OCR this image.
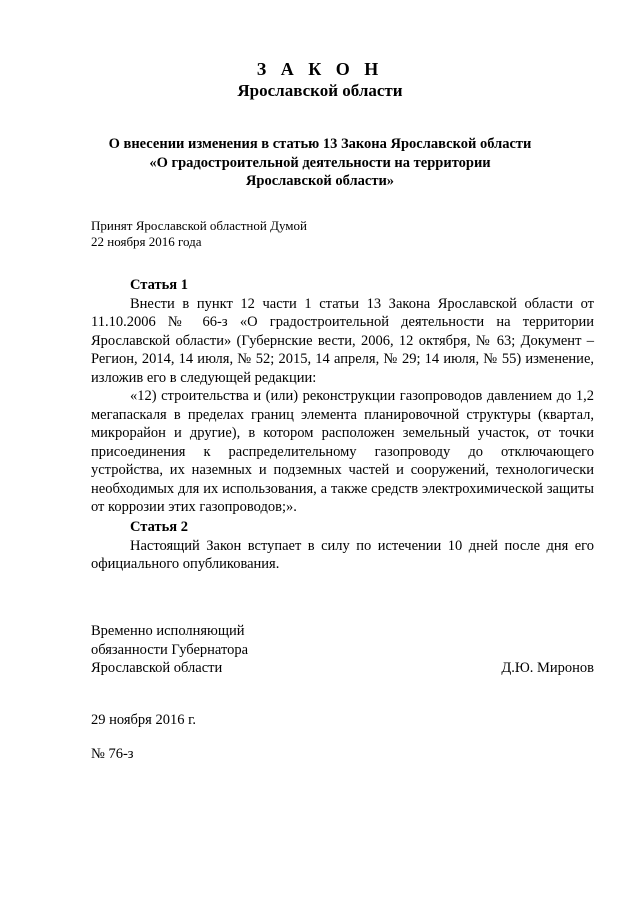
З А К О Н
Ярославской области
О внесении изменения в статью 13 Закона Ярославской области
«О градостроительной деятельности на территории
Ярославской области»
Принят Ярославской областной Думой
22 ноября 2016 года

Статья 1

Внести в пункт 12 части 1 статьи 13 Закона Ярославской области от 11.10.2006 № 66-з «О градостроительной деятельности на территории Ярославской области» (Губернские вести, 2006, 12 октября, № 63; Документ – Регион, 2014, 14 июля, № 52; 2015, 14 апреля, № 29; 14 июля, № 55) изменение, изложив его в следующей редакции:

«12) строительства и (или) реконструкции газопроводов давлением до 1,2 мегапаскаля в пределах границ элемента планировочной структуры (квартал, микрорайон и другие), в котором расположен земельный участок, от точки присоединения к распределительному газопроводу до отключающего устройства, их наземных и подземных частей и сооружений, технологически необходимых для их использования, а также средств электрохимической защиты от коррозии этих газопроводов;».

Статья 2

Настоящий Закон вступает в силу по истечении 10 дней после дня его официального опубликования.

Временно исполняющий
обязанности Губернатора
Ярославской области	Д.Ю. Миронов
29 ноября 2016 г.
№ 76-з
